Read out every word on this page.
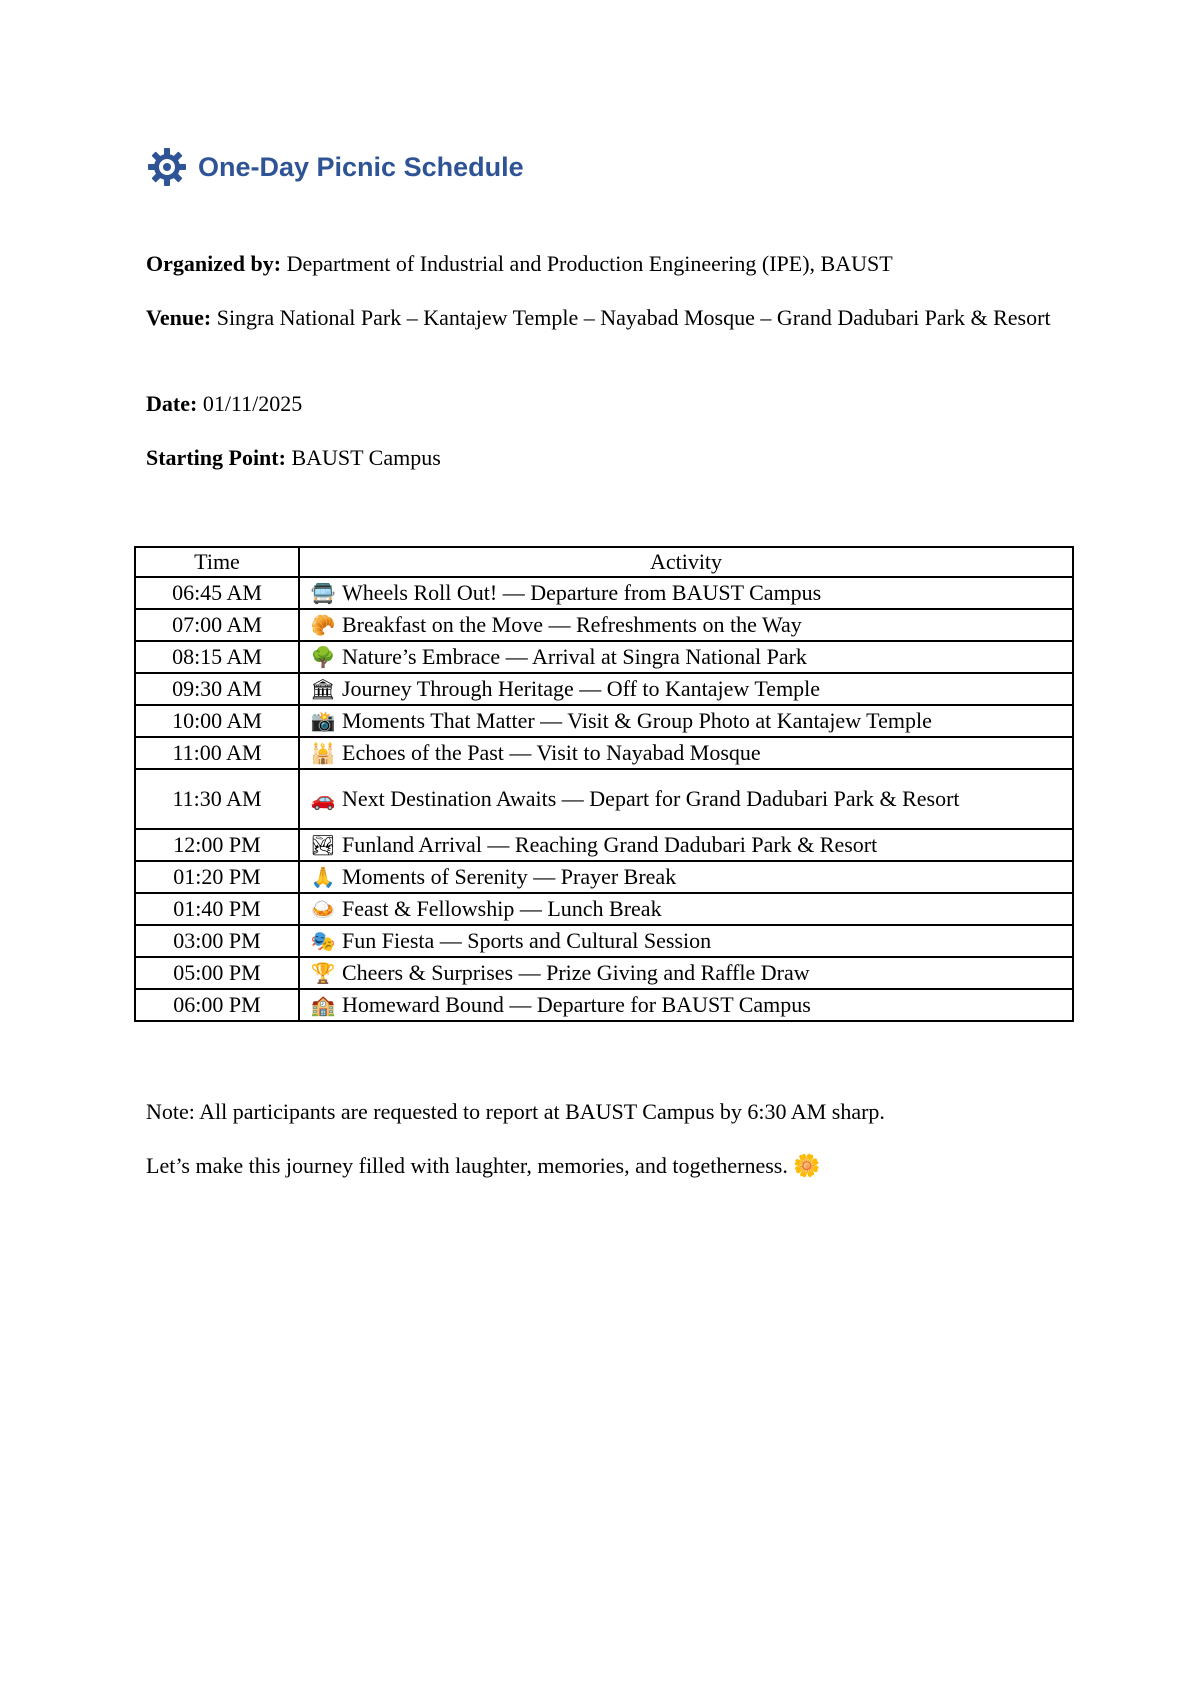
One-Day Picnic Schedule
Organized by: Department of Industrial and Production Engineering (IPE), BAUST
Venue: Singra National Park – Kantajew Temple – Nayabad Mosque – Grand Dadubari Park & Resort
Date: 01/11/2025
Starting Point: BAUST Campus
Time	Activity
06:45 AM	🚍 Wheels Roll Out! — Departure from BAUST Campus
07:00 AM	🥐 Breakfast on the Move — Refreshments on the Way
08:15 AM	🌳 Nature’s Embrace — Arrival at Singra National Park
09:30 AM	🏛 Journey Through Heritage — Off to Kantajew Temple
10:00 AM	📸 Moments That Matter — Visit & Group Photo at Kantajew Temple
11:00 AM	🕌 Echoes of the Past — Visit to Nayabad Mosque
11:30 AM	🚗 Next Destination Awaits — Depart for Grand Dadubari Park & Resort
12:00 PM	🏞 Funland Arrival — Reaching Grand Dadubari Park & Resort
01:20 PM	🙏 Moments of Serenity — Prayer Break
01:40 PM	🍛 Feast & Fellowship — Lunch Break
03:00 PM	🎭 Fun Fiesta — Sports and Cultural Session
05:00 PM	🏆 Cheers & Surprises — Prize Giving and Raffle Draw
06:00 PM	🏫 Homeward Bound — Departure for BAUST Campus
Note: All participants are requested to report at BAUST Campus by 6:30 AM sharp.
Let’s make this journey filled with laughter, memories, and togetherness. 🌼
